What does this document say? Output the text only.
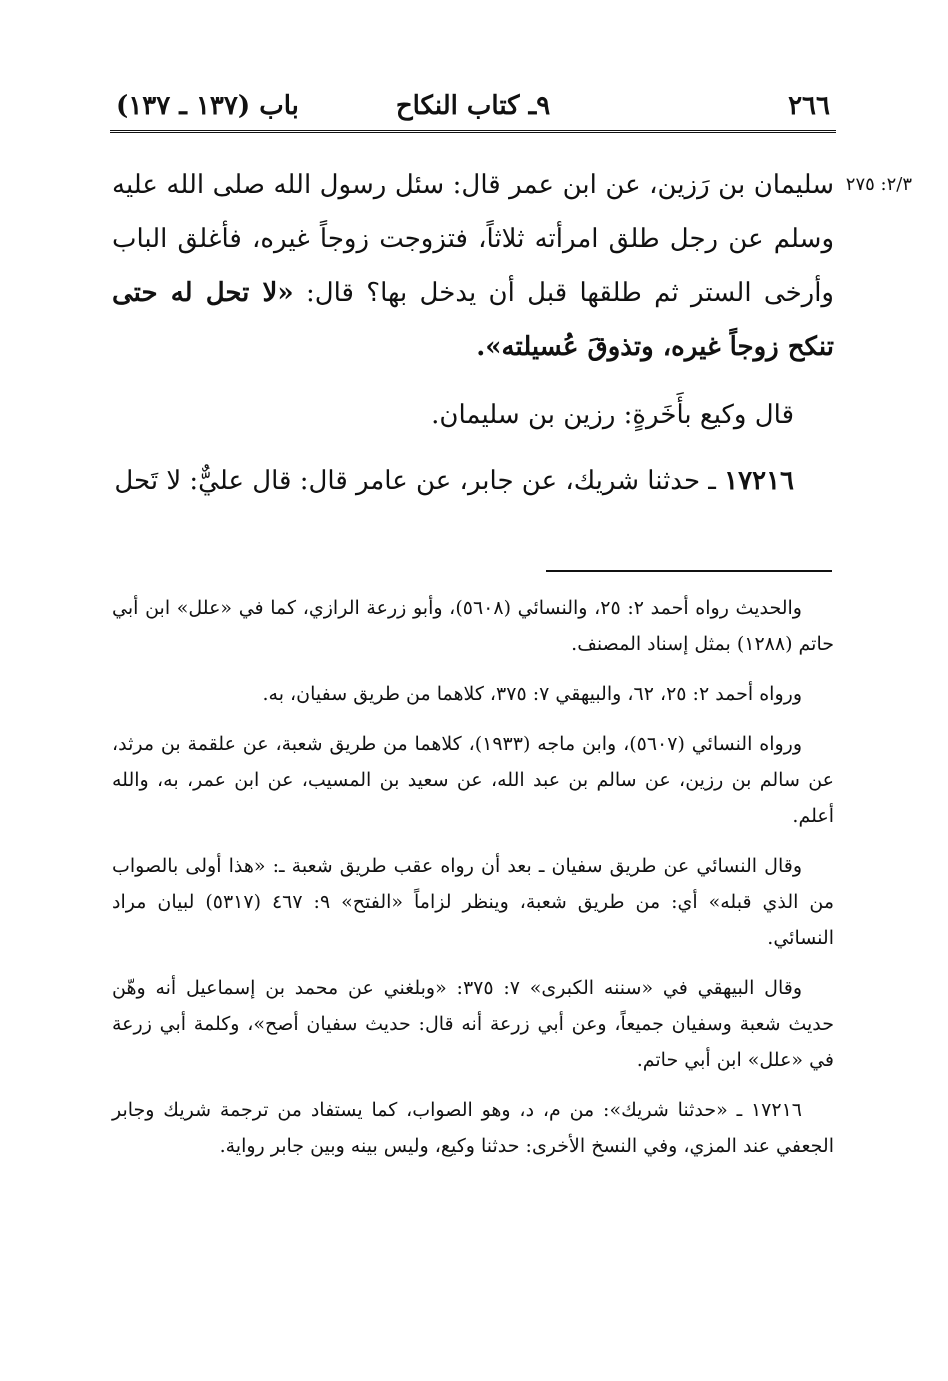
٢٦٦
٩ـ كتاب النكاح
باب (١٣٧ ـ ١٣٧)
٢/٣: ٢٧٥

سليمان بن رَزين، عن ابن عمر قال: سئل رسول الله صلى الله عليه وسلم عن رجل طلق امرأته ثلاثاً، فتزوجت زوجاً غيره، فأغلق الباب وأرخى الستر ثم طلقها قبل أن يدخل بها؟ قال: «لا تحل له حتى تنكح زوجاً غيره، وتذوقَ عُسيلته».

قال وكيع بأَخَرةٍ: رزين بن سليمان.

١٧٢١٦ ـ حدثنا شريك، عن جابر، عن عامر قال: قال عليٌّ: لا تَحل

والحديث رواه أحمد ٢: ٢٥، والنسائي (٥٦٠٨)، وأبو زرعة الرازي، كما في «علل» ابن أبي حاتم (١٢٨٨) بمثل إسناد المصنف.

ورواه أحمد ٢: ٢٥، ٦٢، والبيهقي ٧: ٣٧٥، كلاهما من طريق سفيان، به.

ورواه النسائي (٥٦٠٧)، وابن ماجه (١٩٣٣)، كلاهما من طريق شعبة، عن علقمة بن مرثد، عن سالم بن رزين، عن سالم بن عبد الله، عن سعيد بن المسيب، عن ابن عمر، به، والله أعلم.

وقال النسائي عن طريق سفيان ـ بعد أن رواه عقب طريق شعبة ـ: «هذا أولى بالصواب من الذي قبله» أي: من طريق شعبة، وينظر لزاماً «الفتح» ٩: ٤٦٧ (٥٣١٧) لبيان مراد النسائي.

وقال البيهقي في «سننه الكبرى» ٧: ٣٧٥: «وبلغني عن محمد بن إسماعيل أنه وهّن حديث شعبة وسفيان جميعاً، وعن أبي زرعة أنه قال: حديث سفيان أصح»، وكلمة أبي زرعة في «علل» ابن أبي حاتم.

١٧٢١٦ ـ «حدثنا شريك»: من م، د، وهو الصواب، كما يستفاد من ترجمة شريك وجابر الجعفي عند المزي، وفي النسخ الأخرى: حدثنا وكيع، وليس بينه وبين جابر رواية.
